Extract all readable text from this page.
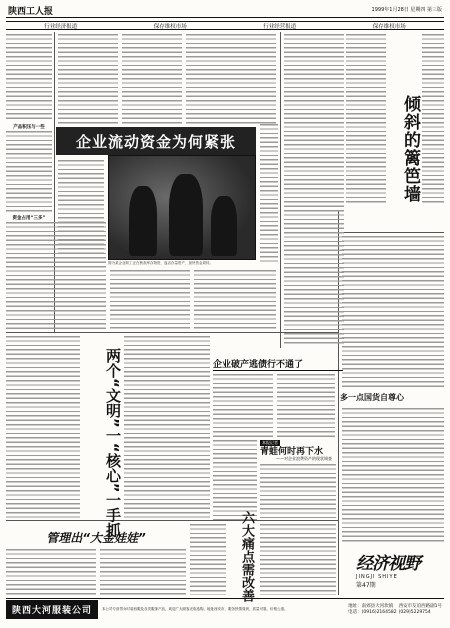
陕西工人报	1999年1月28日 星期四 第三版
行业经济报道	保存维权市场	行业经营报道	保存维权市场
产品积压与一些
资金占用“三多”
企业流动资金为何紧张
图为某企业职工正在核查库存物资，盘活存量资产，加快资金周转。
倾斜的篱笆墙
多一点国货自尊心
两个“文明”一“核心”一手抓	企业破产逃债行不通了
本报记者
青蛙何时再下水
——对企业浪费资产的现状调查
管理出“大金娃娃”	六大痛点需改善	经济视野
JINGJI SHIYE
第47期
陕西大河服装公司	本公司专营男女时装西服及各类服饰产品，欢迎广大顾客光临选购。地址西安市，服务热情周到，质量可靠，价格公道。
地址：南郊县大河坎镇
电话：(0916)2164582
西安市友谊西路副1号
(029)5229754
